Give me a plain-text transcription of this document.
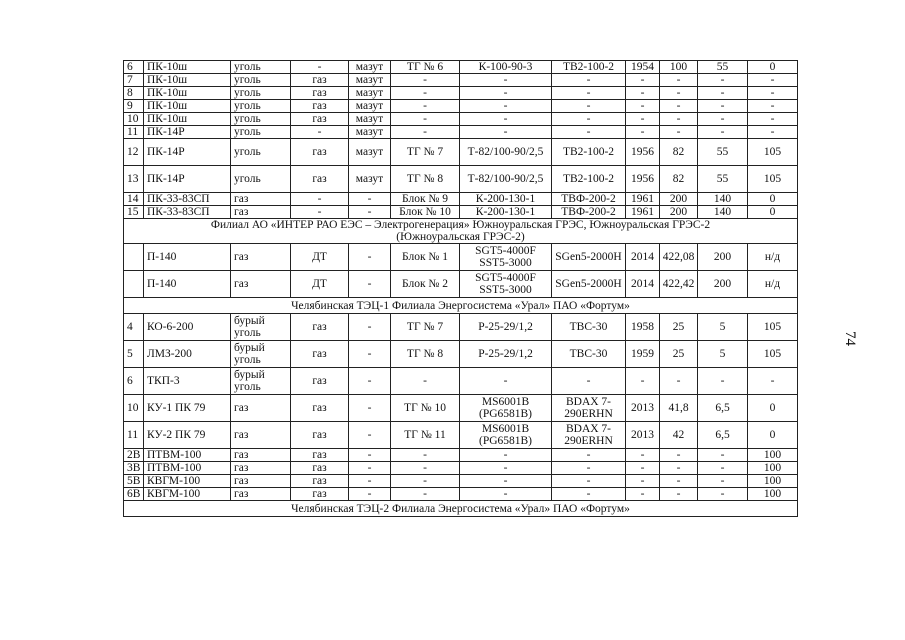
6	ПК-10ш	уголь	-	мазут	ТГ № 6	К-100-90-3	ТВ2-100-2	1954	100	55	0
7	ПК-10ш	уголь	газ	мазут	-	-	-	-	-	-	-
8	ПК-10ш	уголь	газ	мазут	-	-	-	-	-	-	-
9	ПК-10ш	уголь	газ	мазут	-	-	-	-	-	-	-
10	ПК-10ш	уголь	газ	мазут	-	-	-	-	-	-	-
11	ПК-14Р	уголь	-	мазут	-	-	-	-	-	-	-
12	ПК-14Р	уголь	газ	мазут	ТГ № 7	Т-82/100-90/2,5	ТВ2-100-2	1956	82	55	105
13	ПК-14Р	уголь	газ	мазут	ТГ № 8	Т-82/100-90/2,5	ТВ2-100-2	1956	82	55	105
14	ПК-33-83СП	газ	-	-	Блок № 9	К-200-130-1	ТВФ-200-2	1961	200	140	0
15	ПК-33-83СП	газ	-	-	Блок № 10	К-200-130-1	ТВФ-200-2	1961	200	140	0

Филиал АО «ИНТЕР РАО ЕЭС – Электрогенерация» Южноуральская ГРЭС, Южноуральская ГРЭС-2
(Южноуральская ГРЭС-2)											

	П-140	газ	ДТ	-	Блок № 1	SGT5-4000F SST5-3000	SGen5-2000H	2014	422,08	200	н/д
	П-140	газ	ДТ	-	Блок № 2	SGT5-4000F SST5-3000	SGen5-2000H	2014	422,42	200	н/д

Челябинская ТЭЦ-1 Филиала Энергосистема «Урал» ПАО «Фортум»											

4	КО-6-200	бурый уголь	газ	-	ТГ № 7	Р-25-29/1,2	ТВС-30	1958	25	5	105
5	ЛМЗ-200	бурый уголь	газ	-	ТГ № 8	Р-25-29/1,2	ТВС-30	1959	25	5	105
6	ТКП-3	бурый уголь	газ	-	-	-	-	-	-	-	-
10	КУ-1 ПК 79	газ	газ	-	ТГ № 10	MS6001B (PG6581B)	BDAX 7-290ERHN	2013	41,8	6,5	0
11	КУ-2 ПК 79	газ	газ	-	ТГ № 11	MS6001B (PG6581B)	BDAX 7-290ERHN	2013	42	6,5	0
2В	ПТВМ-100	газ	газ	-	-	-	-	-	-	-	100
3В	ПТВМ-100	газ	газ	-	-	-	-	-	-	-	100
5В	КВГМ-100	газ	газ	-	-	-	-	-	-	-	100
6В	КВГМ-100	газ	газ	-	-	-	-	-	-	-	100

Челябинская ТЭЦ-2 Филиала Энергосистема «Урал» ПАО «Фортум»											
74
